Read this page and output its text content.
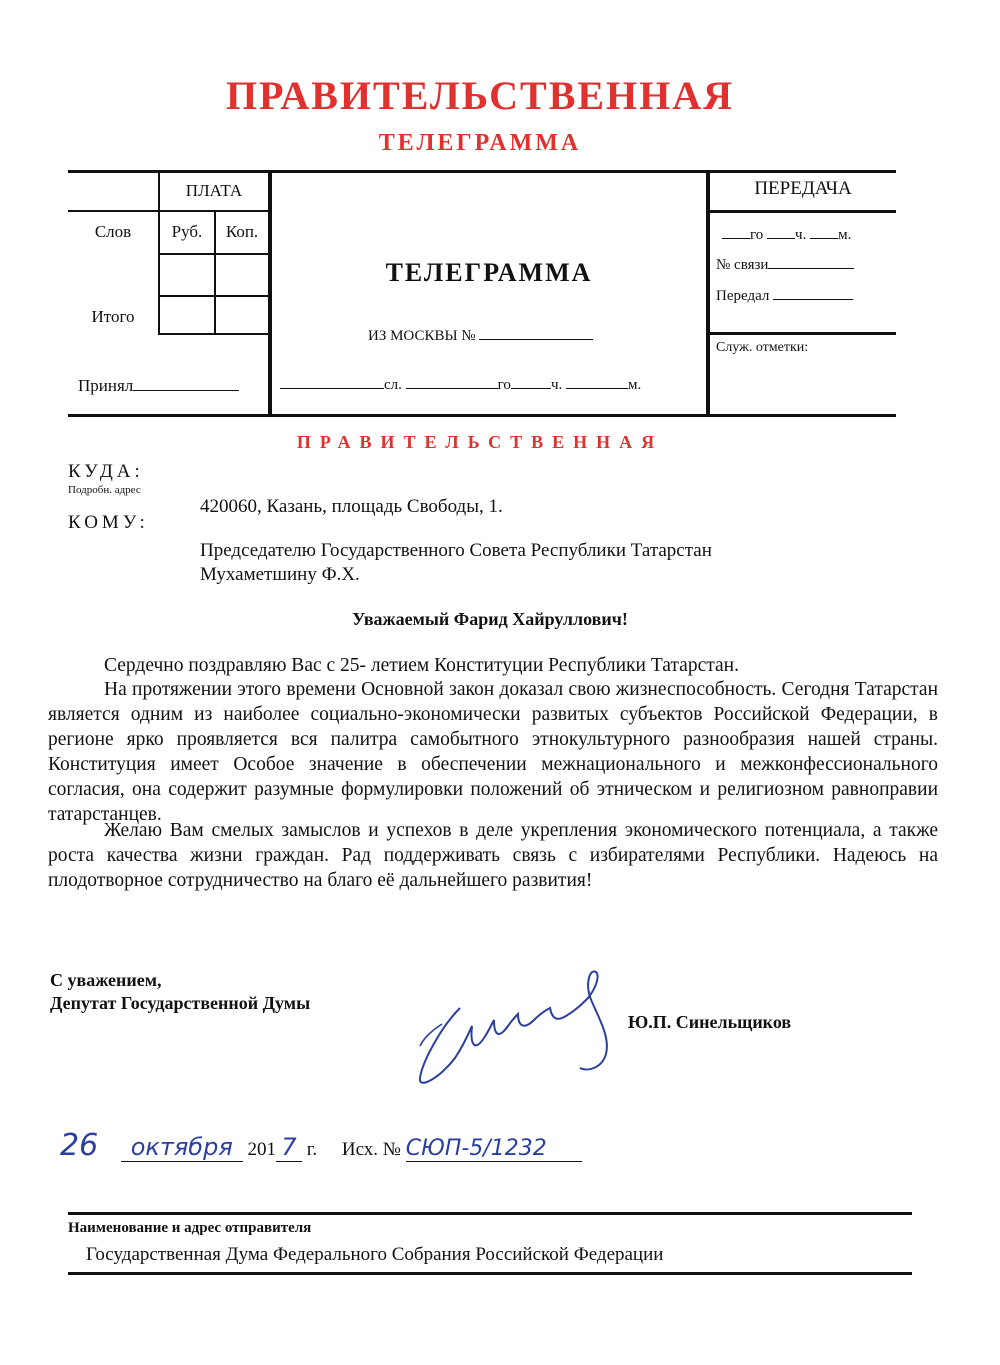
ПРАВИТЕЛЬСТВЕННАЯ
ТЕЛЕГРАММА
ПЛАТА
Слов	Руб.	Коп.
Итого
Принял
ТЕЛЕГРАММА
ИЗ МОСКВЫ №
сл.	го	ч.	м.
ПЕРЕДАЧА
го ч. м.
№ связи
Передал
Служ. отметки:
ПРАВИТЕЛЬСТВЕННАЯ
КУДА:
Подробн. адрес
КОМУ:
420060, Казань, площадь Свободы, 1.
Председателю Государственного Совета Республики Татарстан
Мухаметшину Ф.Х.
Уважаемый Фарид Хайруллович!
Сердечно поздравляю Вас с 25- летием Конституции Республики Татарстан.
На протяжении этого времени Основной закон доказал свою жизнеспособность. Сегодня Татарстан является одним из наиболее социально-экономически развитых субъектов Российской Федерации, в регионе ярко проявляется вся палитра самобытного этнокультурного разнообразия нашей страны. Конституция имеет Особое значение в обеспечении межнационального и межконфессионального согласия, она содержит разумные формулировки положений об этническом и религиозном равноправии татарстанцев.
Желаю Вам смелых замыслов и успехов в деле укрепления экономического потенциала, а также роста качества жизни граждан. Рад поддерживать связь с избирателями Республики. Надеюсь на плодотворное сотрудничество на благо её дальнейшего развития!
С уважением,
Депутат Государственной Думы
Ю.П. Синельщиков
26 октября 201 7 г. Исх. № СЮП-5/1232
Наименование и адрес отправителя
Государственная Дума Федерального Собрания Российской Федерации
